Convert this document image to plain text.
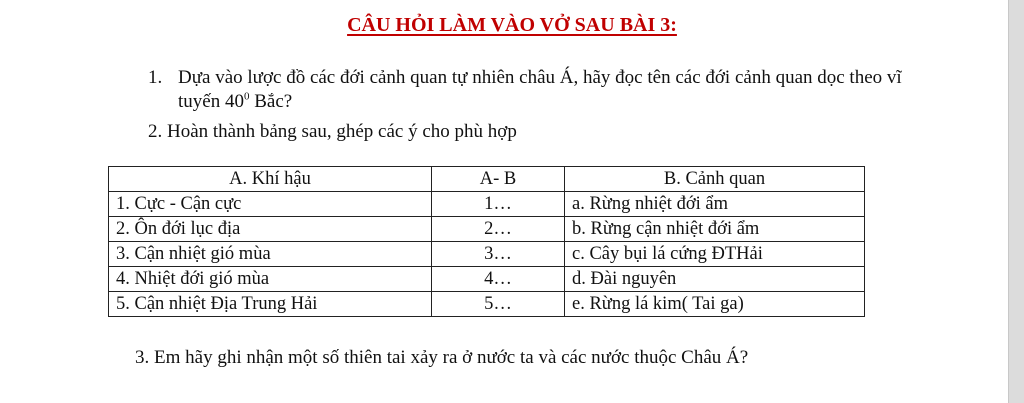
CÂU HỎI LÀM VÀO VỞ SAU BÀI 3:
1. Dựa vào lược đồ các đới cảnh quan tự nhiên châu Á, hãy đọc tên các đới cảnh quan dọc theo vĩ tuyến $40^0$ Bắc?
2. Hoàn thành bảng sau, ghép các ý cho phù hợp
A. Khí hậu	A- B	B. Cảnh quan
1. Cực - Cận cực	1…	a. Rừng nhiệt đới ẩm
2. Ôn đới lục địa	2…	b. Rừng cận nhiệt đới ẩm
3. Cận nhiệt gió mùa	3…	c. Cây bụi lá cứng ĐTHải
4. Nhiệt đới gió mùa	4…	d. Đài nguyên
5. Cận nhiệt Địa Trung Hải	5…	e. Rừng lá kim( Tai ga)
3. Em hãy ghi nhận một số thiên tai xảy ra ở nước ta và các nước thuộc Châu Á?
